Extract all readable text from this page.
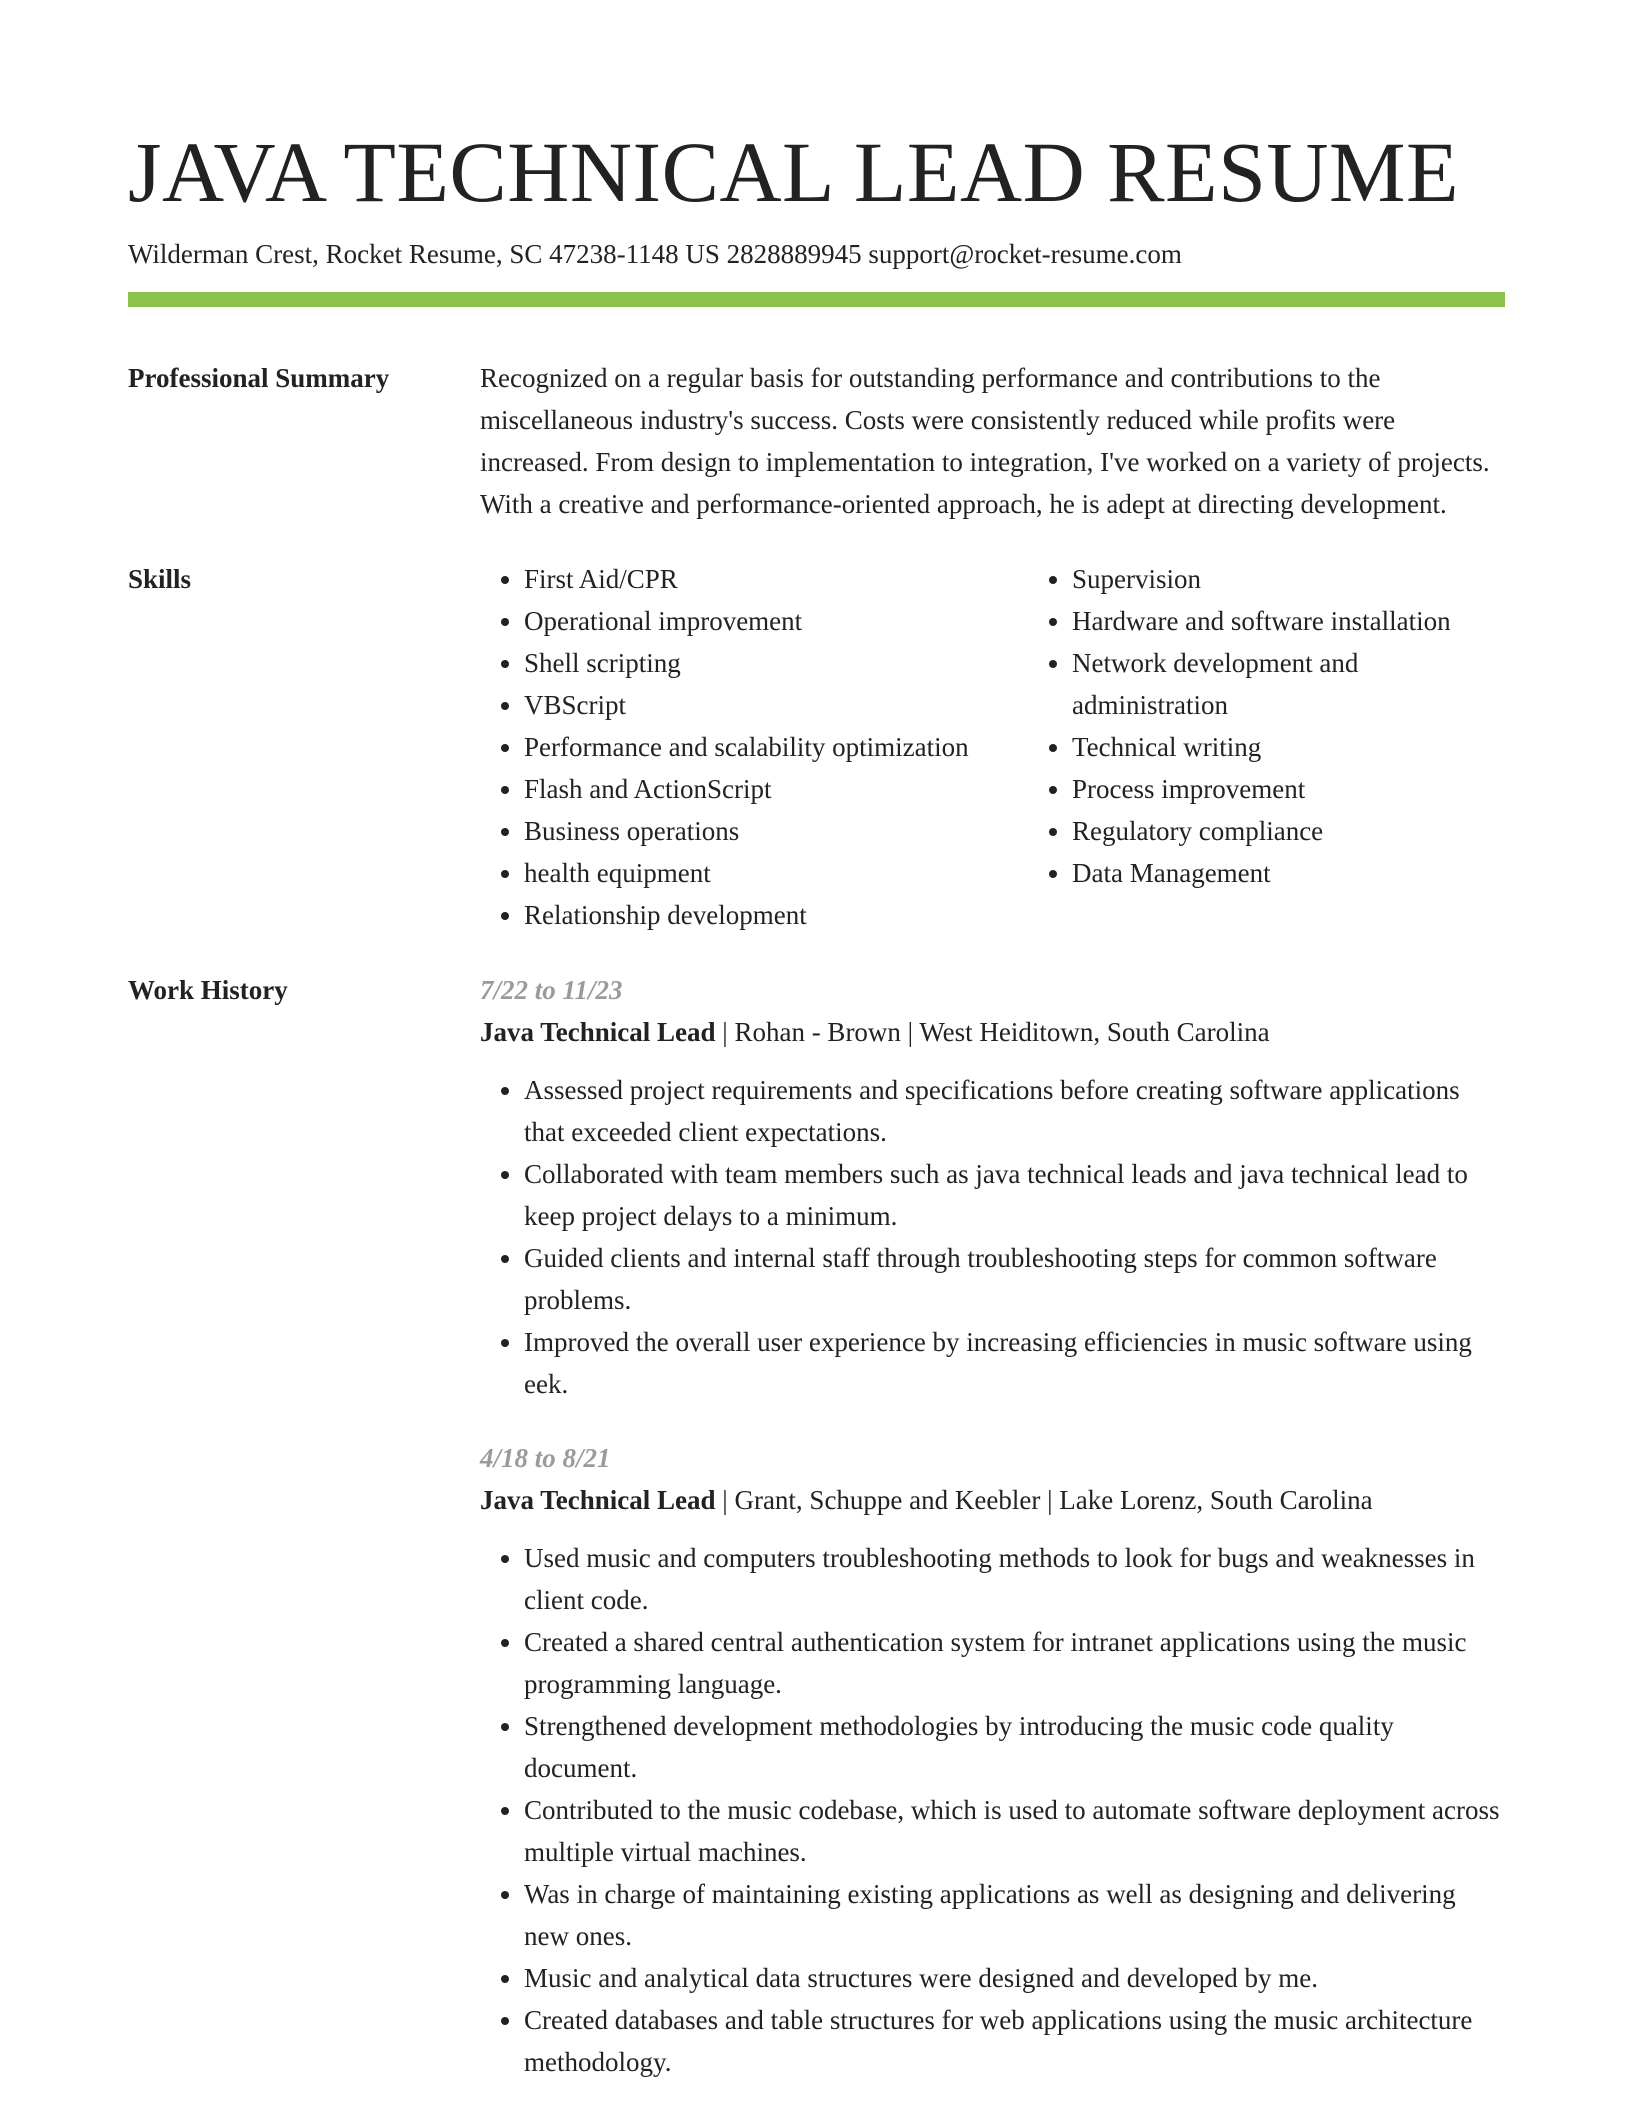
JAVA TECHNICAL LEAD RESUME
Wilderman Crest, Rocket Resume, SC 47238-1148 US 2828889945 support@rocket-resume.com
Professional Summary	Recognized on a regular basis for outstanding performance and contributions to the miscellaneous industry's success. Costs were consistently reduced while profits were increased. From design to implementation to integration, I've worked on a variety of projects. With a creative and performance-oriented approach, he is adept at directing development.

Skills
•	First Aid/CPR
• Operational improvement
• Shell scripting
• VBScript
• Performance and scalability optimization
• Flash and ActionScript
• Business operations
• health equipment
• Relationship development
• Supervision
• Hardware and software installation
• Network development and administration
• Technical writing
• Process improvement
• Regulatory compliance
• Data Management
Work History	7/22 to 11/23
Java Technical Lead | Rohan - Brown | West Heiditown, South Carolina
• Assessed project requirements and specifications before creating software applications that exceeded client expectations.
• Collaborated with team members such as java technical leads and java technical lead to keep project delays to a minimum.
• Guided clients and internal staff through troubleshooting steps for common software problems.
• Improved the overall user experience by increasing efficiencies in music software using eek.
4/18 to 8/21
Java Technical Lead | Grant, Schuppe and Keebler | Lake Lorenz, South Carolina
• Used music and computers troubleshooting methods to look for bugs and weaknesses in client code.
• Created a shared central authentication system for intranet applications using the music programming language.
• Strengthened development methodologies by introducing the music code quality document.
• Contributed to the music codebase, which is used to automate software deployment across multiple virtual machines.
• Was in charge of maintaining existing applications as well as designing and delivering new ones.
• Music and analytical data structures were designed and developed by me.
• Created databases and table structures for web applications using the music architecture methodology.
